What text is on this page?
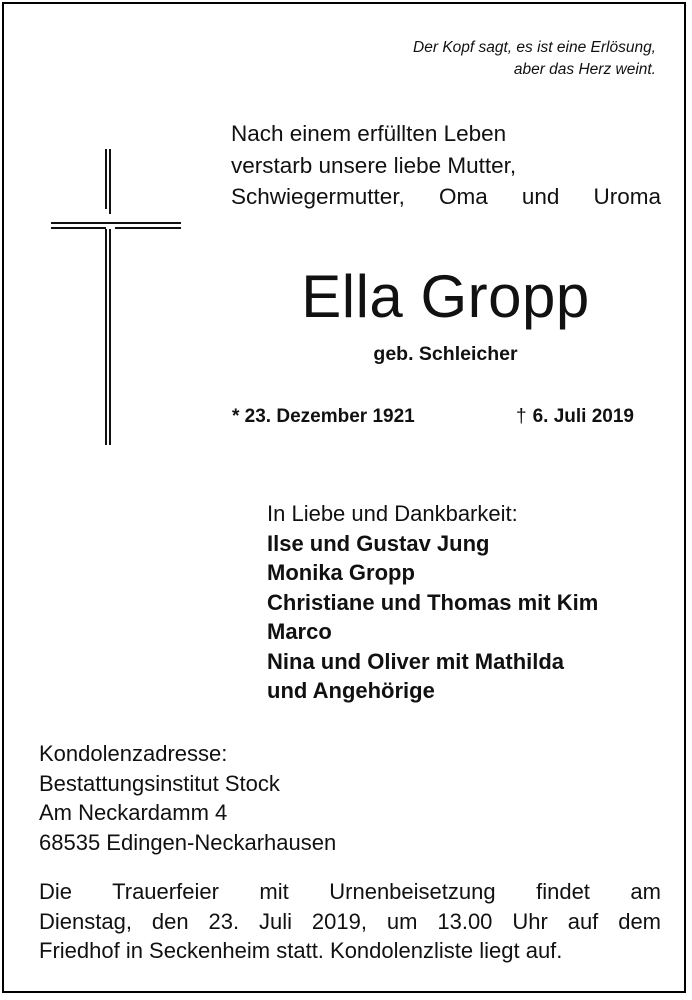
Der Kopf sagt, es ist eine Erlösung,
aber das Herz weint.
Nach einem erfüllten Leben
verstarb unsere liebe Mutter,
Schwiegermutter, Oma und Uroma
Ella Gropp
geb. Schleicher
* 23. Dezember 1921	† 6. Juli 2019
In Liebe und Dankbarkeit:
Ilse und Gustav Jung
Monika Gropp
Christiane und Thomas mit Kim
Marco
Nina und Oliver mit Mathilda
und Angehörige
Kondolenzadresse:
Bestattungsinstitut Stock
Am Neckardamm 4
68535 Edingen-Neckarhausen
Die Trauerfeier mit Urnenbeisetzung findet am
Dienstag, den 23. Juli 2019, um 13.00 Uhr auf dem
Friedhof in Seckenheim statt. Kondolenzliste liegt auf.
